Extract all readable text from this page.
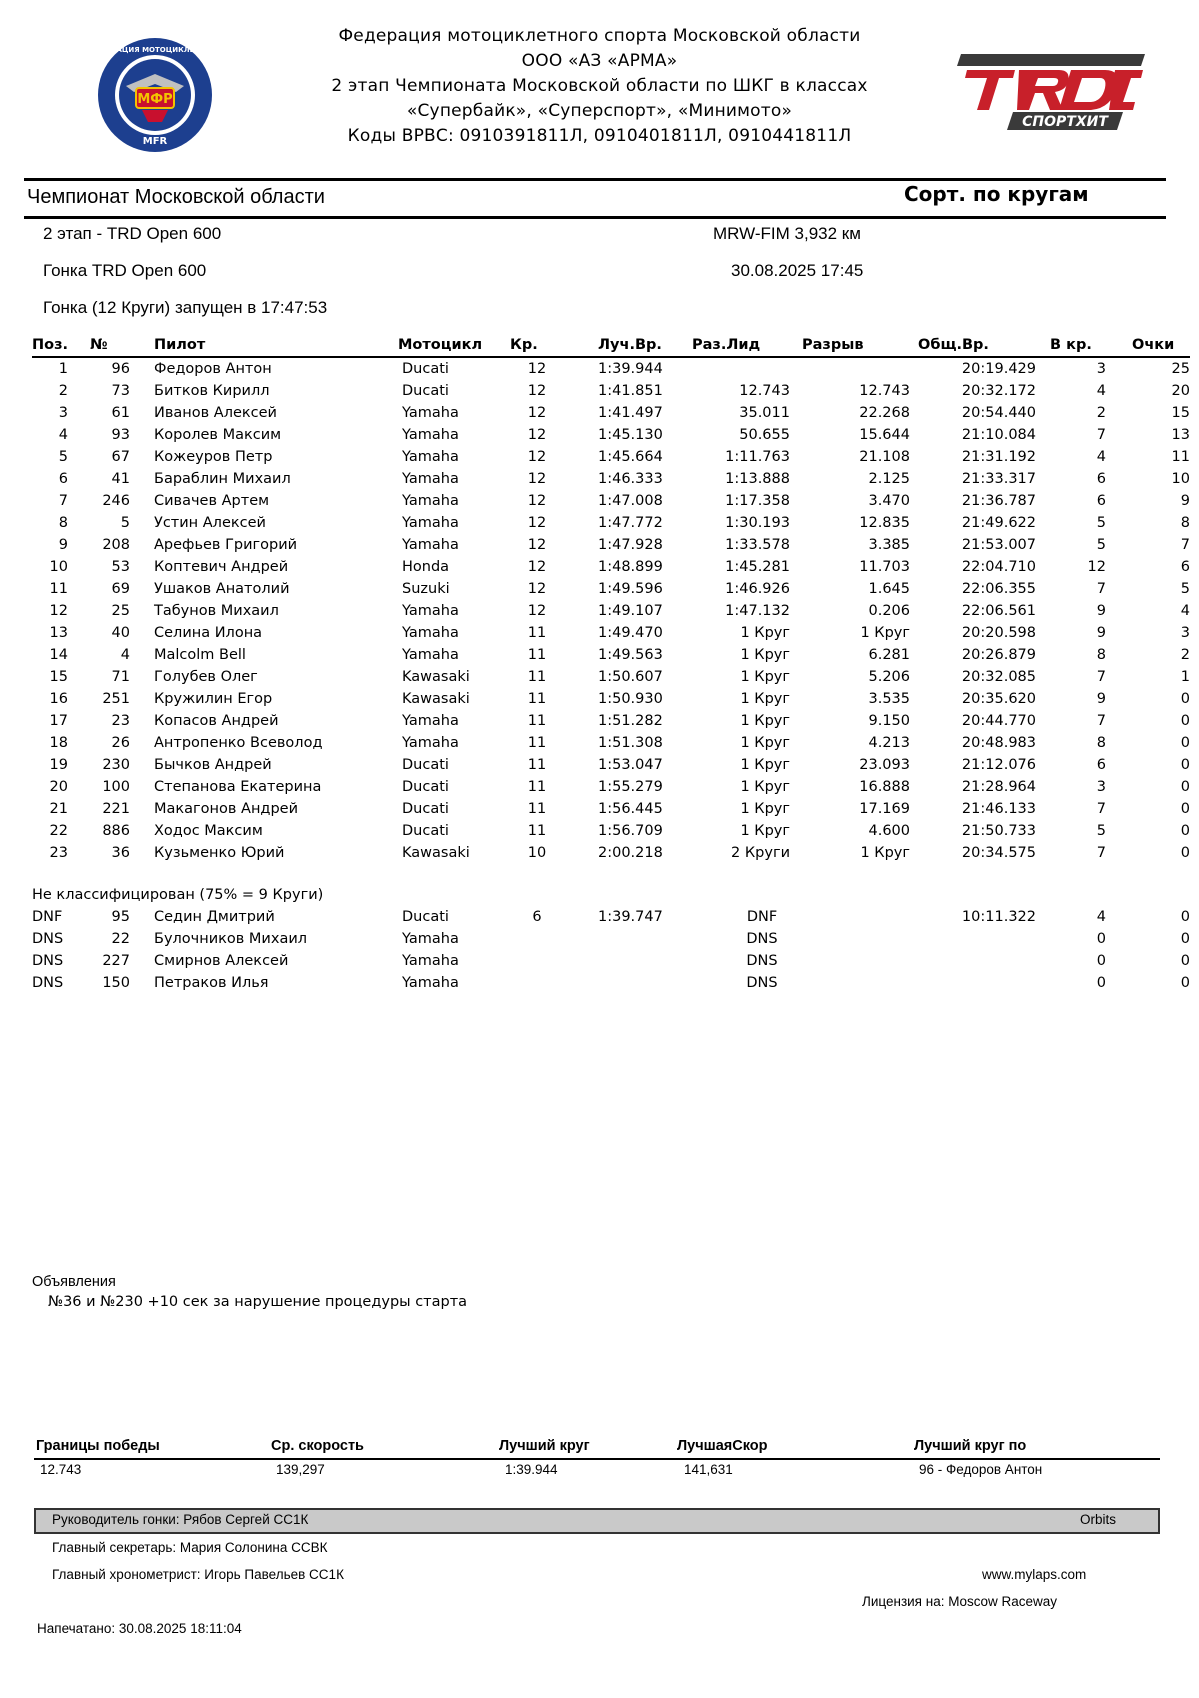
МФР
MFR
ФЕДЕРАЦИЯ МОТОЦИКЛЕТНОГО
Федерация мотоциклетного спорта Московской области
ООО «АЗ «АРМА»
2 этап Чемпионата Московской области по ШКГ в классах
«Супербайк», «Суперспорт», «Минимото»
Коды ВРВС: 0910391811Л, 0910401811Л, 0910441811Л
СПОРТХИТ
Чемпионат Московской области	Сорт. по кругам
2 этап - TRD Open 600	MRW-FIM 3,932 км
Гонка TRD Open 600	30.08.2025 17:45
Гонка (12 Круги) запущен в 17:47:53
Поз.	№	Пилот	Мотоцикл	Кр.	Луч.Вр.	Раз.Лид	Разрыв	Общ.Вр.	В кр.	Очки
1	96	Федоров Антон	Ducati	12	1:39.944			20:19.429	3	25
2	73	Битков Кирилл	Ducati	12	1:41.851	12.743	12.743	20:32.172	4	20
3	61	Иванов Алексей	Yamaha	12	1:41.497	35.011	22.268	20:54.440	2	15
4	93	Королев Максим	Yamaha	12	1:45.130	50.655	15.644	21:10.084	7	13
5	67	Кожеуров Петр	Yamaha	12	1:45.664	1:11.763	21.108	21:31.192	4	11
6	41	Бараблин Михаил	Yamaha	12	1:46.333	1:13.888	2.125	21:33.317	6	10
7	246	Сивачев Артем	Yamaha	12	1:47.008	1:17.358	3.470	21:36.787	6	9
8	5	Устин Алексей	Yamaha	12	1:47.772	1:30.193	12.835	21:49.622	5	8
9	208	Арефьев Григорий	Yamaha	12	1:47.928	1:33.578	3.385	21:53.007	5	7
10	53	Коптевич Андрей	Honda	12	1:48.899	1:45.281	11.703	22:04.710	12	6
11	69	Ушаков Анатолий	Suzuki	12	1:49.596	1:46.926	1.645	22:06.355	7	5
12	25	Табунов Михаил	Yamaha	12	1:49.107	1:47.132	0.206	22:06.561	9	4
13	40	Селина Илона	Yamaha	11	1:49.470	1 Круг	1 Круг	20:20.598	9	3
14	4	Malcolm Bell	Yamaha	11	1:49.563	1 Круг	6.281	20:26.879	8	2
15	71	Голубев Олег	Kawasaki	11	1:50.607	1 Круг	5.206	20:32.085	7	1
16	251	Кружилин Егор	Kawasaki	11	1:50.930	1 Круг	3.535	20:35.620	9	0
17	23	Копасов Андрей	Yamaha	11	1:51.282	1 Круг	9.150	20:44.770	7	0
18	26	Антропенко Всеволод	Yamaha	11	1:51.308	1 Круг	4.213	20:48.983	8	0
19	230	Бычков Андрей	Ducati	11	1:53.047	1 Круг	23.093	21:12.076	6	0
20	100	Степанова Екатерина	Ducati	11	1:55.279	1 Круг	16.888	21:28.964	3	0
21	221	Макагонов Андрей	Ducati	11	1:56.445	1 Круг	17.169	21:46.133	7	0
22	886	Ходос Максим	Ducati	11	1:56.709	1 Круг	4.600	21:50.733	5	0
23	36	Кузьменко Юрий	Kawasaki	10	2:00.218	2 Круги	1 Круг	20:34.575	7	0
Не классифицирован (75% = 9 Круги)										
DNF	95	Седин Дмитрий	Ducati	6	1:39.747	DNF		10:11.322	4	0
DNS	22	Булочников Михаил	Yamaha			DNS			0	0
DNS	227	Смирнов Алексей	Yamaha			DNS			0	0
DNS	150	Петраков Илья	Yamaha			DNS			0	0
Объявления
№36 и №230 +10 сек за нарушение процедуры старта
Границы победы	Ср. скорость	Лучший круг	ЛучшаяСкор	Лучший круг по
12.743	139,297	1:39.944	141,631	96 - Федоров Антон
Руководитель гонки: Рябов Сергей СС1К	Orbits
Главный секретарь: Мария Солонина ССВК
Главный хронометрист: Игорь Павельев СС1К	www.mylaps.com
Лицензия на: Moscow Raceway
Напечатано: 30.08.2025 18:11:04
